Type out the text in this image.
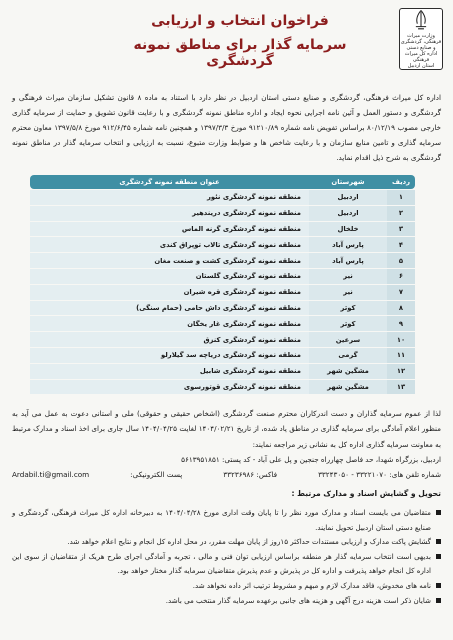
وزارت میراث فرهنگی، گردشگری و صنایع دستی
اداره کل میراث فرهنگی
استان اردبیل
فراخوان انتخاب و ارزیابی
سرمایه گذار برای مناطق نمونه گردشگری

اداره کل میراث فرهنگی، گردشگری و صنایع دستی استان اردبیل در نظر دارد با استناد به ماده ۸ قانون تشکیل سازمان میراث فرهنگی و گردشگری و دستور العمل و آئین نامه اجرایی نحوه ایجاد و اداره مناطق نمونه گردشگری و با رعایت قانون تشویق و حمایت از سرمایه گذاری خارجی مصوب ۸۰/۱۲/۱۹ براساس تفویض نامه شماره ۹۱۲۱۰/۸۹ مورخ ۱۳۹۷/۳/۳ و همچنین نامه شماره ۹۱۲/۶/۴۵ مورخ ۱۳۹۷/۵/۸ معاون محترم سرمایه گذاری و تامین منابع سازمان و با رعایت شاخص ها و ضوابط وزارت متبوع، نسبت به ارزیابی و انتخاب سرمایه گذار در مناطق نمونه گردشگری به شرح ذیل اقدام نماید.

ردیف	شهرستان	عنوان منطقه نمونه گردشگری
۱	اردبیل	منطقه نمونه گردشگری نئور
۲	اردبیل	منطقه نمونه گردشگری دریندهیر
۳	خلخال	منطقه نمونه گردشگری گرنه الماس
۴	پارس آباد	منطقه نمونه گردشگری تالاب توپراق کندی
۵	پارس آباد	منطقه نمونه گردشگری کشت و صنعت مغان
۶	نیر	منطقه نمونه گردشگری گلستان
۷	نیر	منطقه نمونه گردشگری قره شیران
۸	کوثر	منطقه نمونه گردشگری داش حامی (حمام سنگی)
۹	کوثر	منطقه نمونه گردشگری غار یخگان
۱۰	سرعین	منطقه نمونه گردشگری کنزق
۱۱	گرمی	منطقه نمونه گردشگری دریاچه سد گیلارلو
۱۲	مشگین شهر	منطقه نمونه گردشگری شابیل
۱۳	مشگین شهر	منطقه نمونه گردشگری قوتورسوی

لذا از عموم سرمایه گذاران و دست اندرکاران محترم صنعت گردشگری (اشخاص حقیقی و حقوقی) ملی و استانی دعوت به عمل می آید به منظور اعلام آمادگی برای سرمایه گذاری در مناطق یاد شده، از تاریخ ۱۴۰۴/۰۲/۲۱ لغایت ۱۴۰۴/۰۴/۲۵ سال جاری برای اخذ اسناد و مدارک مرتبط به معاونت سرمایه گذاری اداره کل به نشانی زیر مراجعه نمایند:

اردبیل، بزرگراه شهدا، حد فاصل چهارراه جنجین و پل علی آباد - کد پستی: ۵۶۱۳۹۵۱۸۵۱
شماره تلفن های: ۳۳۲۲۱۰۷۰ - ۳۳۲۴۳۰۵۰
فاکس: ۳۳۲۳۶۹۸۶
پست الکترونیکی:
Ardabil.ti@gmail.com
تحویل و گشایش اسناد و مدارک مرتبط :
متقاضیان می بایست اسناد و مدارک مورد نظر را تا پایان وقت اداری مورخ ۱۴۰۴/۰۴/۲۸ به دبیرخانه اداره کل میراث فرهنگی، گردشگری و صنایع دستی استان اردبیل تحویل نمایند.
گشایش پاکت مدارک و ارزیابی مستندات حداکثر ۱۵روز از پایان مهلت مقرر، در محل اداره کل انجام و نتایج اعلام خواهد شد.
بدیهی است انتخاب سرمایه گذار هر منطقه براساس ارزیابی توان فنی و مالی ، تجربه و آمادگی اجرای طرح هریک از متقاضیان از سوی این اداره کل انجام خواهد پذیرفت و اداره کل در پذیرش و عدم پذیرش متقاضیان سرمایه گذار مختار خواهد بود.
نامه های مخدوش، فاقد مدارک لازم و مبهم و مشروط ترتیب اثر داده نخواهد شد.
شایان ذکر است هزینه درج آگهی و هزینه های جانبی برعهده سرمایه گذار منتخب می باشد.
